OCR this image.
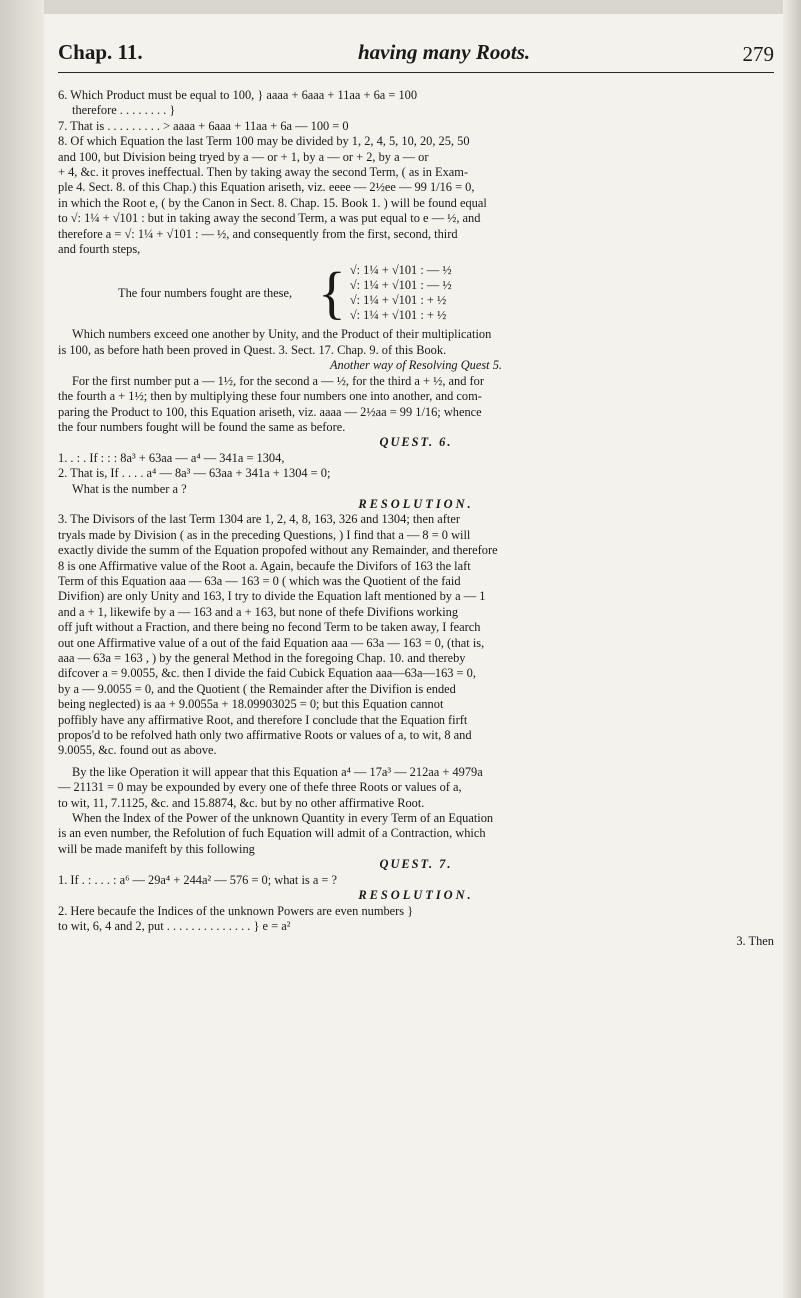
Chap. 11.	having many Roots.	279

6. Which Product must be equal to 100, } aaaa + 6aaa + 11aa + 6a = 100

therefore . . . . . . . . }

7. That is . . . . . . . . . > aaaa + 6aaa + 11aa + 6a — 100 = 0

8. Of which Equation the last Term 100 may be divided by 1, 2, 4, 5, 10, 20, 25, 50

and 100, but Division being tryed by a — or + 1, by a — or + 2, by a — or

+ 4, &c. it proves ineffectual. Then by taking away the second Term, ( as in Exam-

ple 4. Sect. 8. of this Chap.) this Equation ariseth, viz. eeee — 2½ee — 99 1/16 = 0,

in which the Root e, ( by the Canon in Sect. 8. Chap. 15. Book 1. ) will be found equal

to √: 1¼ + √101 : but in taking away the second Term, a was put equal to e — ½, and

therefore a = √: 1¼ + √101 : — ½, and consequently from the first, second, third

and fourth steps,

The four numbers fought are these, { √: 1¼ + √101 : — ½
√: 1¼ + √101 : — ½
√: 1¼ + √101 : + ½
√: 1¼ + √101 : + ½

Which numbers exceed one another by Unity, and the Product of their multiplication

is 100, as before hath been proved in Quest. 3. Sect. 17. Chap. 9. of this Book.

Another way of Resolving Quest 5.

For the first number put a — 1½, for the second a — ½, for the third a + ½, and for

the fourth a + 1½; then by multiplying these four numbers one into another, and com-

paring the Product to 100, this Equation ariseth, viz. aaaa — 2½aa = 99 1/16; whence

the four numbers fought will be found the same as before.

QUEST. 6.

1. . : . If : : : 8a³ + 63aa — a⁴ — 341a = 1304,

2. That is, If . . . . a⁴ — 8a³ — 63aa + 341a + 1304 = 0;

What is the number a ?

RESOLUTION.

3. The Divisors of the last Term 1304 are 1, 2, 4, 8, 163, 326 and 1304; then after

tryals made by Division ( as in the preceding Questions, ) I find that a — 8 = 0 will

exactly divide the summ of the Equation propofed without any Remainder, and therefore

8 is one Affirmative value of the Root a. Again, becaufe the Divifors of 163 the laft

Term of this Equation aaa — 63a — 163 = 0 ( which was the Quotient of the faid

Divifion) are only Unity and 163, I try to divide the Equation laft mentioned by a — 1

and a + 1, likewife by a — 163 and a + 163, but none of thefe Divifions working

off juft without a Fraction, and there being no fecond Term to be taken away, I fearch

out one Affirmative value of a out of the faid Equation aaa — 63a — 163 = 0, (that is,

aaa — 63a = 163 , ) by the general Method in the foregoing Chap. 10. and thereby

difcover a = 9.0055, &c. then I divide the faid Cubick Equation aaa—63a—163 = 0,

by a — 9.0055 = 0, and the Quotient ( the Remainder after the Divifion is ended

being neglected) is aa + 9.0055a + 18.09903025 = 0; but this Equation cannot

poffibly have any affirmative Root, and therefore I conclude that the Equation firft

propos'd to be refolved hath only two affirmative Roots or values of a, to wit, 8 and

9.0055, &c. found out as above.

By the like Operation it will appear that this Equation a⁴ — 17a³ — 212aa + 4979a

— 21131 = 0 may be expounded by every one of thefe three Roots or values of a,

to wit, 11, 7.1125, &c. and 15.8874, &c. but by no other affirmative Root.

When the Index of the Power of the unknown Quantity in every Term of an Equation

is an even number, the Refolution of fuch Equation will admit of a Contraction, which

will be made manifeft by this following

QUEST. 7.

1. If . : . . . : a⁶ — 29a⁴ + 244a² — 576 = 0; what is a = ?

RESOLUTION.

2. Here becaufe the Indices of the unknown Powers are even numbers }

to wit, 6, 4 and 2, put . . . . . . . . . . . . . . } e = a²

3. Then
